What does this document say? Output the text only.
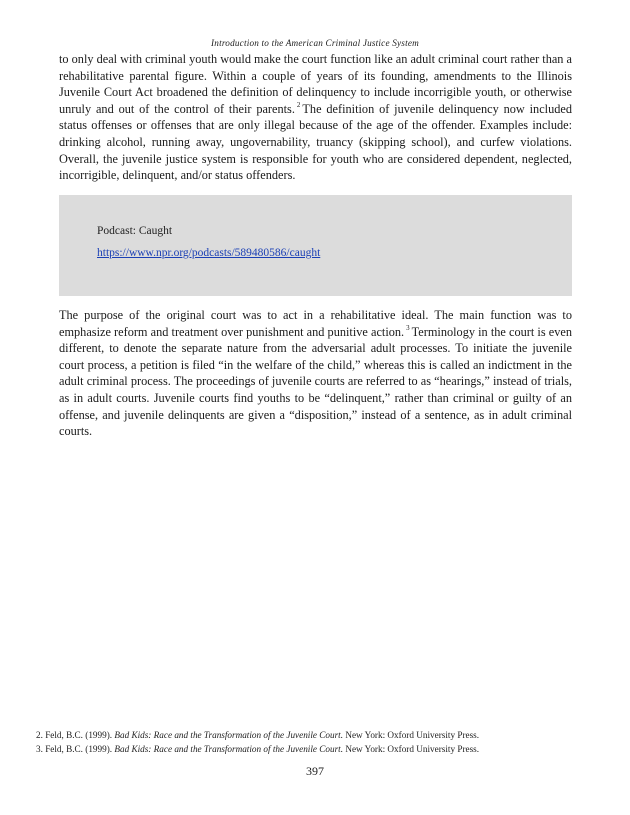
Introduction to the American Criminal Justice System

to only deal with criminal youth would make the court function like an adult criminal court rather than a rehabilitative parental figure. Within a couple of years of its founding, amendments to the Illinois Juvenile Court Act broadened the definition of delinquency to include incorrigible youth, or otherwise unruly and out of the control of their parents. $^2$ The definition of juvenile delinquency now included status offenses or offenses that are only illegal because of the age of the offender. Examples include: drinking alcohol, running away, ungovernability, truancy (skipping school), and curfew violations. Overall, the juvenile justice system is responsible for youth who are considered dependent, neglected, incorrigible, delinquent, and/or status offenders.

Podcast: Caught
https://www.npr.org/podcasts/589480586/caught

The purpose of the original court was to act in a rehabilitative ideal. The main function was to emphasize reform and treatment over punishment and punitive action. $^3$ Terminology in the court is even different, to denote the separate nature from the adversarial adult processes. To initiate the juvenile court process, a petition is filed “in the welfare of the child,” whereas this is called an indictment in the adult criminal process. The proceedings of juvenile courts are referred to as “hearings,” instead of trials, as in adult courts. Juvenile courts find youths to be “delinquent,” rather than criminal or guilty of an offense, and juvenile delinquents are given a “disposition,” instead of a sentence, as in adult criminal courts.

2. Feld, B.C. (1999). Bad Kids: Race and the Transformation of the Juvenile Court. New York: Oxford University Press.
3. Feld, B.C. (1999). Bad Kids: Race and the Transformation of the Juvenile Court. New York: Oxford University Press.
397
